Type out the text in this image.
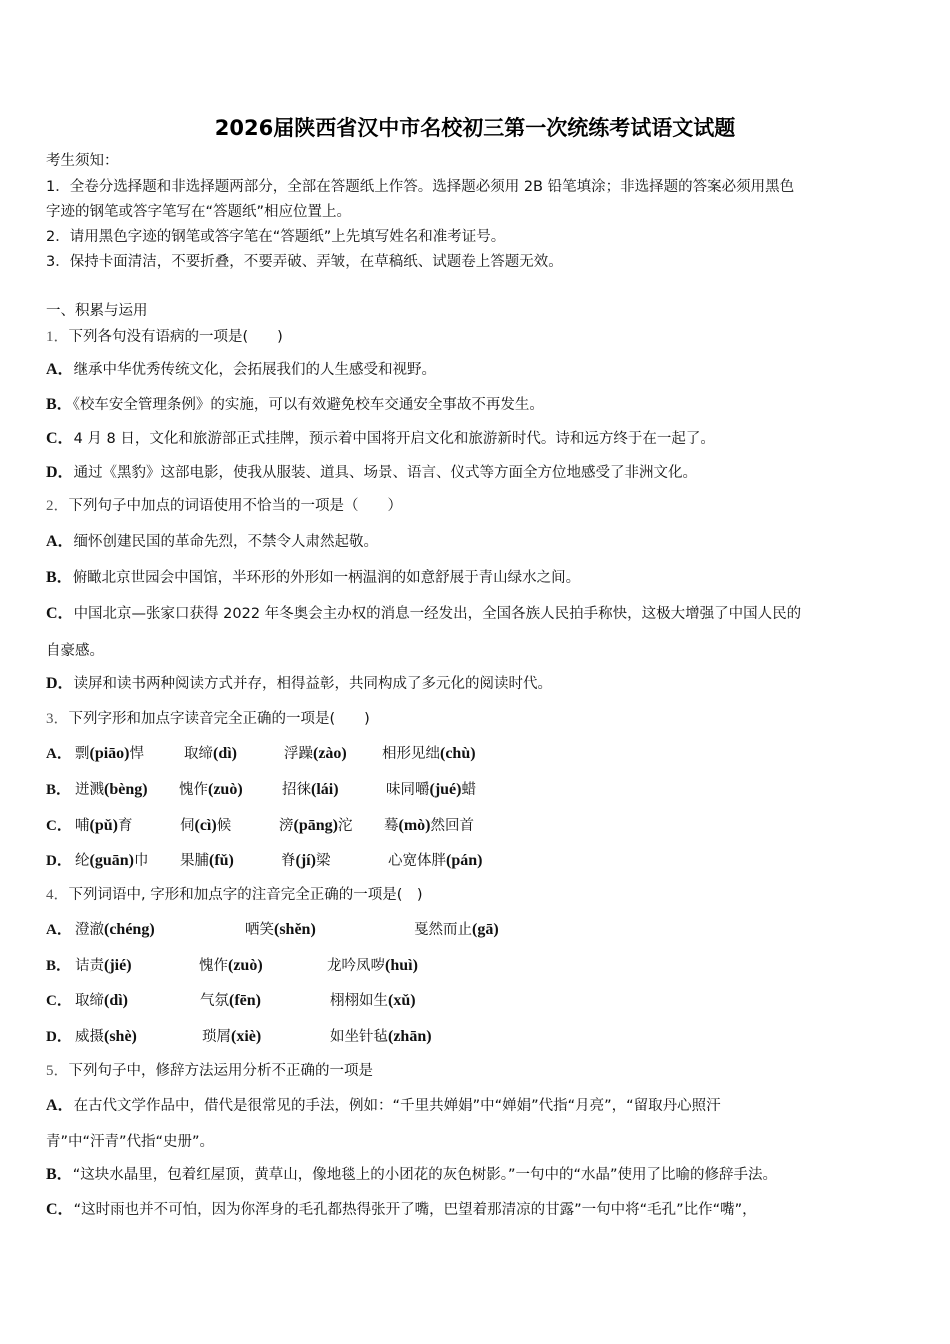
2026届陕西省汉中市名校初三第一次统练考试语文试题
考生须知：
1．全卷分选择题和非选择题两部分，全部在答题纸上作答。选择题必须用 2B 铅笔填涂；非选择题的答案必须用黑色
字迹的钢笔或答字笔写在“答题纸”相应位置上。
2．请用黑色字迹的钢笔或答字笔在“答题纸”上先填写姓名和准考证号。
3．保持卡面清洁，不要折叠，不要弄破、弄皱，在草稿纸、试题卷上答题无效。
一、积累与运用
1．下列各句没有语病的一项是(　　)
A．继承中华优秀传统文化，会拓展我们的人生感受和视野。
B．《校车安全管理条例》的实施，可以有效避免校车交通安全事故不再发生。
C．4 月 8 日，文化和旅游部正式挂牌，预示着中国将开启文化和旅游新时代。诗和远方终于在一起了。
D．通过《黑豹》这部电影，使我从服装、道具、场景、语言、仪式等方面全方位地感受了非洲文化。
2．下列句子中加点的词语使用不恰当的一项是（　　）
A．缅怀创建民国的革命先烈，不禁令人肃然起敬。
B．俯瞰北京世园会中国馆，半环形的外形如一柄温润的如意舒展于青山绿水之间。
C．中国北京—张家口获得 2022 年冬奥会主办权的消息一经发出，全国各族人民拍手称快，这极大增强了中国人民的
自豪感。
D．读屏和读书两种阅读方式并存，相得益彰，共同构成了多元化的阅读时代。
3．下列字形和加点字读音完全正确的一项是(　　)
A． 剽(piāo)悍	取缔(dì)	浮躁(zào) 相形见绌(chù)
B． 迸溅(bèng) 愧作(zuò)	招徕(lái)	味同嚼(jué)蜡
C． 哺(pǔ)育	伺(cì)候	滂(pāng)沱 蓦(mò)然回首
D． 纶(guān)巾 果脯(fǔ)	脊(jí)梁	心宽体胖(pán)
4．下列词语中, 字形和加点字的注音完全正确的一项是(　)
A． 澄澈(chéng)	哂笑(shěn)	戛然而止(gā)
B． 诘责(jié)	愧作(zuò)	龙吟凤哕(huì)
C． 取缔(dì)	气氛(fēn)	栩栩如生(xǔ)
D． 威摄(shè)	琐屑(xiè)	如坐针毡(zhān)
5．下列句子中，修辞方法运用分析不正确的一项是
A．在古代文学作品中，借代是很常见的手法，例如：“千里共婵娟”中“婵娟”代指“月亮”，“留取丹心照汗
青”中“汗青”代指“史册”。
B．“这块水晶里，包着红屋顶，黄草山，像地毯上的小团花的灰色树影。”一句中的“水晶”使用了比喻的修辞手法。
C．“这时雨也并不可怕，因为你浑身的毛孔都热得张开了嘴，巴望着那清凉的甘露”一句中将“毛孔”比作“嘴”，
